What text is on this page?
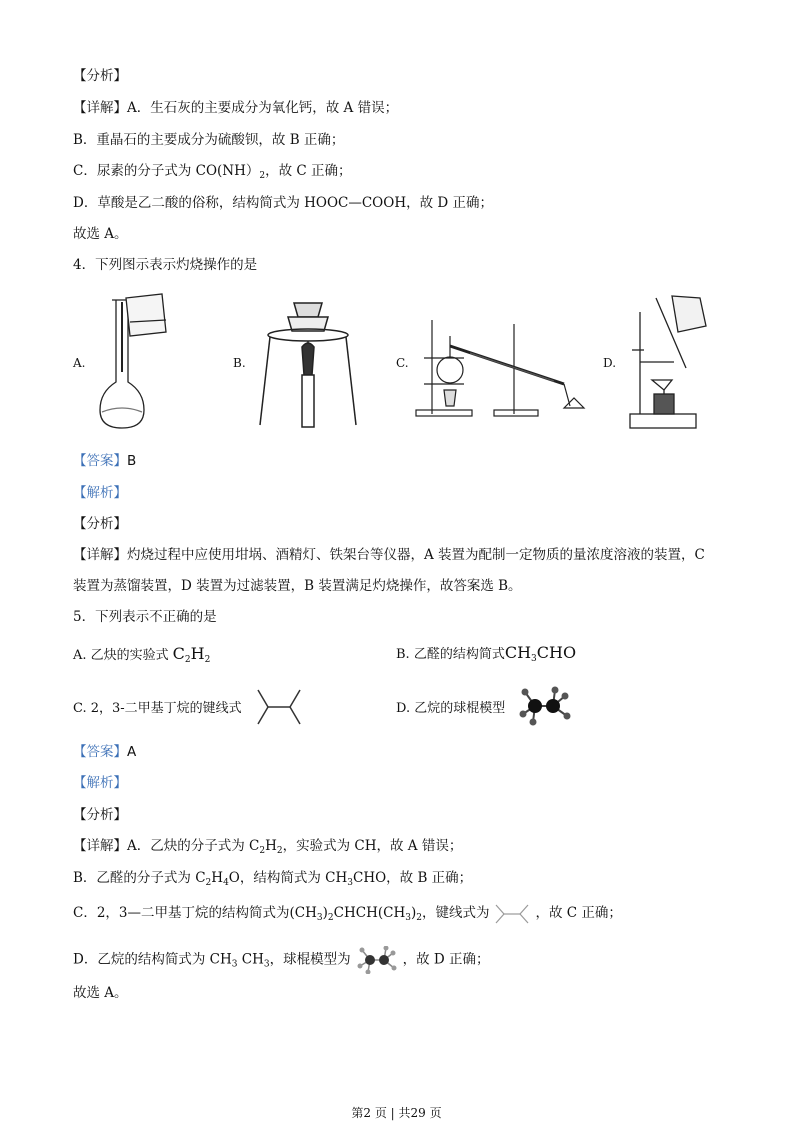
【分析】
【详解】A．生石灰的主要成分为氧化钙，故 A 错误；
B．重晶石的主要成分为硫酸钡，故 B 正确；
C．尿素的分子式为 $CO(NH)_2$，故 C 正确；
D．草酸是乙二酸的俗称，结构简式为 HOOC—COOH，故 D 正确；
故选 A。
4．下列图示表示灼烧操作的是
A.	B.	C.	D.
【答案】B
【解析】
【分析】
【详解】灼烧过程中应使用坩埚、酒精灯、铁架台等仪器，A 装置为配制一定物质的量浓度溶液的装置，C
装置为蒸馏装置，D 装置为过滤装置，B 装置满足灼烧操作，故答案选 B。
5．下列表示不正确的是
A. 乙炔的实验式 $C_2H_2$	B. 乙醛的结构简式$CH_3CHO$
C. 2，3-二甲基丁烷的键线式	D. 乙烷的球棍模型
【答案】A
【解析】
【分析】
【详解】A．乙炔的分子式为 $C_2H_2$，实验式为 CH，故 A 错误；
B．乙醛的分子式为 $C_2H_4O$，结构简式为 $CH_3CHO$，故 B 正确；
C．2，3—二甲基丁烷的结构简式为$(CH_3)_2CHCH(CH_3)_2$，键线式为	，故 C 正确；
D．乙烷的结构简式为 $CH_3$ $CH_3$，球棍模型为	，故 D 正确；
故选 A。
第2 页 | 共29 页
